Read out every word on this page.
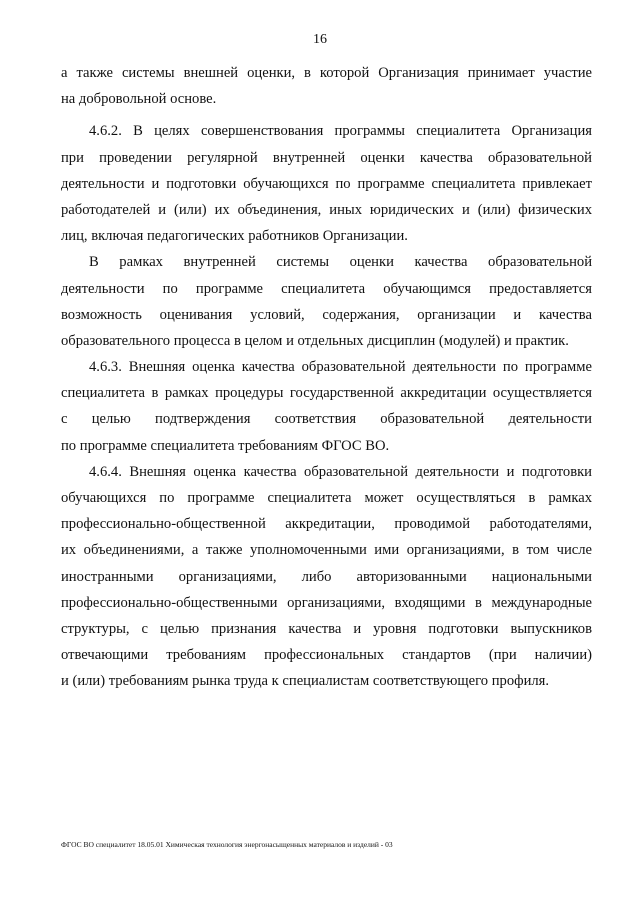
16
а также системы внешней оценки, в которой Организация принимает участие
на добровольной основе.
4.6.2. В целях совершенствования программы специалитета Организация
при проведении регулярной внутренней оценки качества образовательной
деятельности и подготовки обучающихся по программе специалитета привлекает
работодателей и (или) их объединения, иных юридических и (или) физических
лиц, включая педагогических работников Организации.
В рамках внутренней системы оценки качества образовательной
деятельности по программе специалитета обучающимся предоставляется
возможность оценивания условий, содержания, организации и качества
образовательного процесса в целом и отдельных дисциплин (модулей) и практик.
4.6.3. Внешняя оценка качества образовательной деятельности по программе
специалитета в рамках процедуры государственной аккредитации осуществляется
с целью подтверждения соответствия образовательной деятельности
по программе специалитета требованиям ФГОС ВО.
4.6.4. Внешняя оценка качества образовательной деятельности и подготовки
обучающихся по программе специалитета может осуществляться в рамках
профессионально-общественной аккредитации, проводимой работодателями,
их объединениями, а также уполномоченными ими организациями, в том числе
иностранными организациями, либо авторизованными национальными
профессионально-общественными организациями, входящими в международные
структуры, с целью признания качества и уровня подготовки выпускников
отвечающими требованиям профессиональных стандартов (при наличии)
и (или) требованиям рынка труда к специалистам соответствующего профиля.
ФГОС ВО специалитет 18.05.01 Химическая технология энергонасыщенных материалов и изделий - 03
